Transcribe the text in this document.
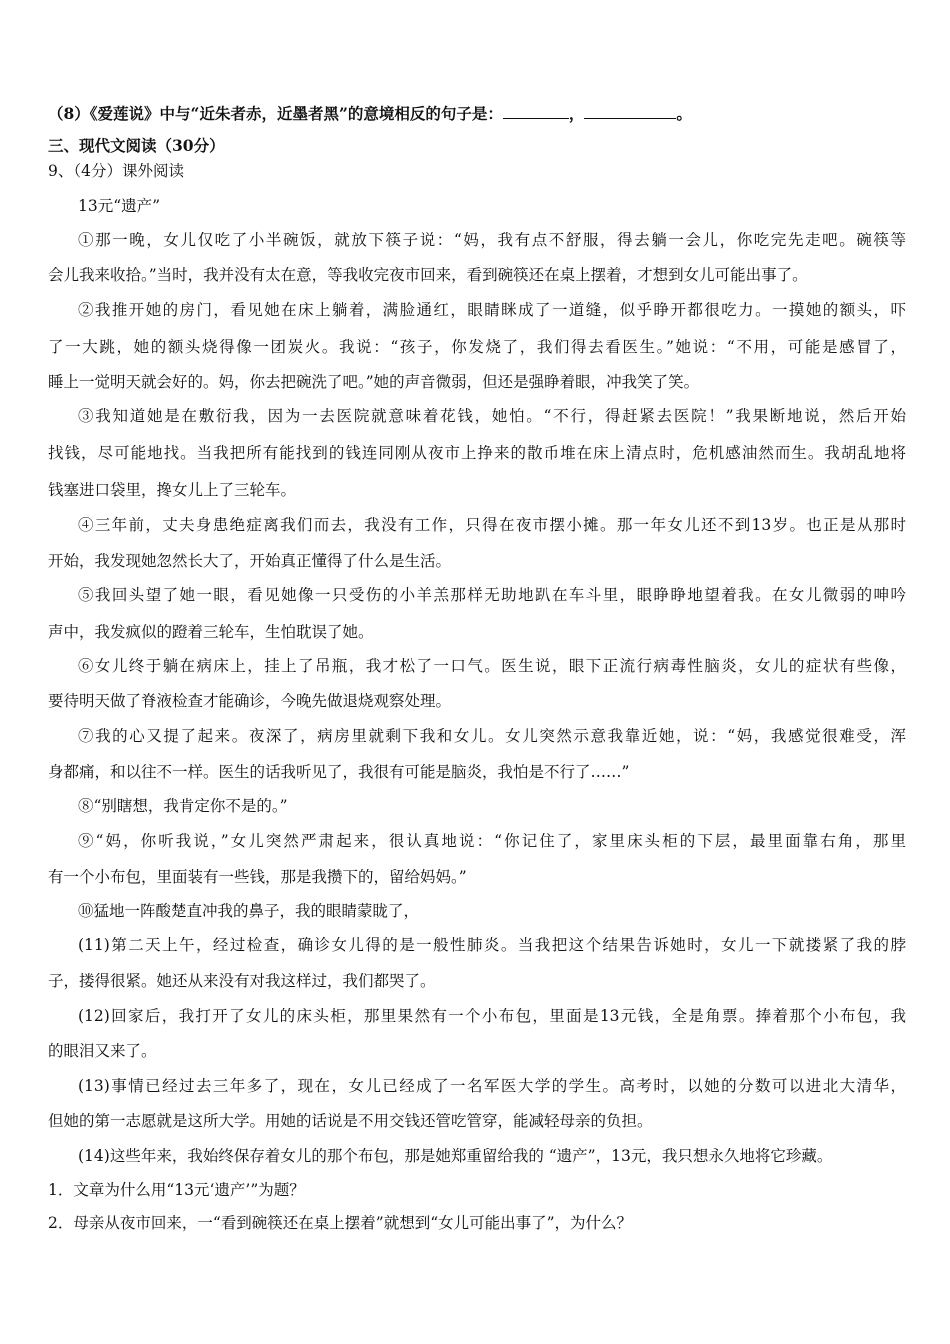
（8）《爱莲说》中与“近朱者赤，近墨者黑”的意境相反的句子是：	，	。
三、现代文阅读（30分）
9、（4分）课外阅读
13元“遗产”
①那一晚，女儿仅吃了小半碗饭，就放下筷子说：“妈，我有点不舒服，得去躺一会儿，你吃完先走吧。碗筷等
会儿我来收拾。”当时，我并没有太在意，等我收完夜市回来，看到碗筷还在桌上摆着，才想到女儿可能出事了。
②我推开她的房门，看见她在床上躺着，满脸通红，眼睛眯成了一道缝，似乎睁开都很吃力。一摸她的额头，吓
了一大跳，她的额头烧得像一团炭火。我说：“孩子，你发烧了，我们得去看医生。”她说：“不用，可能是感冒了，
睡上一觉明天就会好的。妈，你去把碗洗了吧。”她的声音微弱，但还是强睁着眼，冲我笑了笑。
③我知道她是在敷衍我，因为一去医院就意味着花钱，她怕。“不行，得赶紧去医院！”我果断地说，然后开始
找钱，尽可能地找。当我把所有能找到的钱连同刚从夜市上挣来的散币堆在床上清点时，危机感油然而生。我胡乱地将
钱塞进口袋里，搀女儿上了三轮车。
④三年前，丈夫身患绝症离我们而去，我没有工作，只得在夜市摆小摊。那一年女儿还不到13岁。也正是从那时
开始，我发现她忽然长大了，开始真正懂得了什么是生活。
⑤我回头望了她一眼，看见她像一只受伤的小羊羔那样无助地趴在车斗里，眼睁睁地望着我。在女儿微弱的呻吟
声中，我发疯似的蹬着三轮车，生怕耽误了她。
⑥女儿终于躺在病床上，挂上了吊瓶，我才松了一口气。医生说，眼下正流行病毒性脑炎，女儿的症状有些像，
要待明天做了脊液检查才能确诊，今晚先做退烧观察处理。
⑦我的心又提了起来。夜深了，病房里就剩下我和女儿。女儿突然示意我靠近她，说：“妈，我感觉很难受，浑
身都痛，和以往不一样。医生的话我听见了，我很有可能是脑炎，我怕是不行了……”
⑧“别瞎想，我肯定你不是的。”
⑨“妈，你听我说，”女儿突然严肃起来，很认真地说：“你记住了，家里床头柜的下层，最里面靠右角，那里
有一个小布包，里面装有一些钱，那是我攒下的，留给妈妈。”
⑩猛地一阵酸楚直冲我的鼻子，我的眼睛蒙眬了，
(11)第二天上午，经过检查，确诊女儿得的是一般性肺炎。当我把这个结果告诉她时，女儿一下就搂紧了我的脖
子，搂得很紧。她还从来没有对我这样过，我们都哭了。
(12)回家后，我打开了女儿的床头柜，那里果然有一个小布包，里面是13元钱，全是角票。捧着那个小布包，我
的眼泪又来了。
(13)事情已经过去三年多了，现在，女儿已经成了一名军医大学的学生。高考时，以她的分数可以进北大清华，
但她的第一志愿就是这所大学。用她的话说是不用交钱还管吃管穿，能减轻母亲的负担。
(14)这些年来，我始终保存着女儿的那个布包，那是她郑重留给我的 “遗产”，13元，我只想永久地将它珍藏。
1．文章为什么用“13元‘遗产’”为题？
2．母亲从夜市回来，一“看到碗筷还在桌上摆着”就想到“女儿可能出事了”，为什么？
